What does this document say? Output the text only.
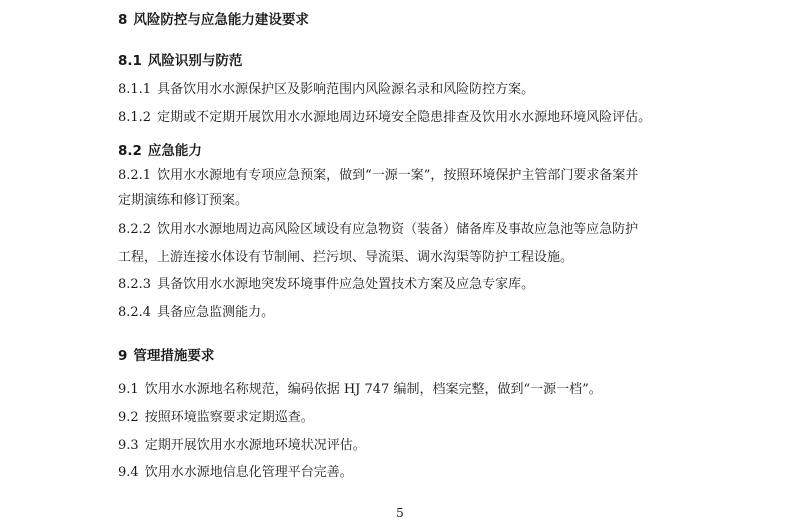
8 风险防控与应急能力建设要求
8.1 风险识别与防范
8.1.1 具备饮用水水源保护区及影响范围内风险源名录和风险防控方案。
8.1.2 定期或不定期开展饮用水水源地周边环境安全隐患排查及饮用水水源地环境风险评估。
8.2 应急能力
8.2.1 饮用水水源地有专项应急预案，做到“一源一案”，按照环境保护主管部门要求备案并
定期演练和修订预案。
8.2.2 饮用水水源地周边高风险区域设有应急物资（装备）储备库及事故应急池等应急防护
工程，上游连接水体设有节制闸、拦污坝、导流渠、调水沟渠等防护工程设施。
8.2.3 具备饮用水水源地突发环境事件应急处置技术方案及应急专家库。
8.2.4 具备应急监测能力。
9 管理措施要求
9.1 饮用水水源地名称规范，编码依据 HJ 747 编制，档案完整，做到“一源一档”。
9.2 按照环境监察要求定期巡查。
9.3 定期开展饮用水水源地环境状况评估。
9.4 饮用水水源地信息化管理平台完善。
5
